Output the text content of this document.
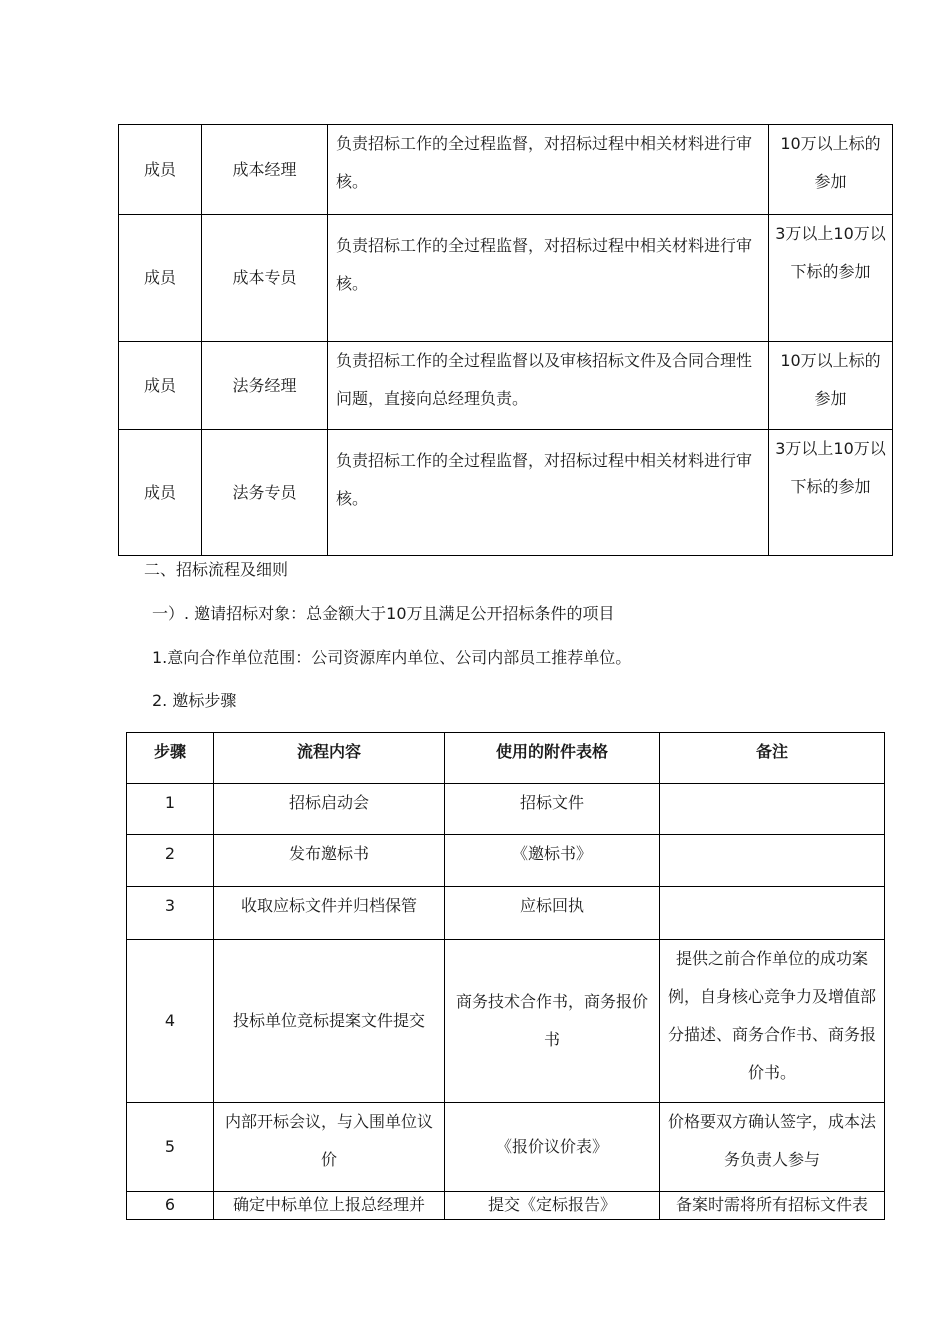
成员	成本经理	负责招标工作的全过程监督，对招标过程中相关材料进行审核。	10万以上标的参加
成员	成本专员	负责招标工作的全过程监督，对招标过程中相关材料进行审核。	3万以上10万以下标的参加
成员	法务经理	负责招标工作的全过程监督以及审核招标文件及合同合理性问题，直接向总经理负责。	10万以上标的参加
成员	法务专员	负责招标工作的全过程监督，对招标过程中相关材料进行审核。	3万以上10万以下标的参加

二、招标流程及细则

一）. 邀请招标对象：总金额大于10万且满足公开招标条件的项目

1.意向合作单位范围：公司资源库内单位、公司内部员工推荐单位。

2. 邀标步骤

步骤	流程内容	使用的附件表格	备注
1	招标启动会	招标文件	
2	发布邀标书	《邀标书》	
3	收取应标文件并归档保管	应标回执	
4	投标单位竞标提案文件提交	商务技术合作书，商务报价书	提供之前合作单位的成功案例，自身核心竞争力及增值部分描述、商务合作书、商务报价书。
5	内部开标会议，与入围单位议价	《报价议价表》	价格要双方确认签字，成本法务负责人参与
6	确定中标单位上报总经理并	提交《定标报告》	备案时需将所有招标文件表
